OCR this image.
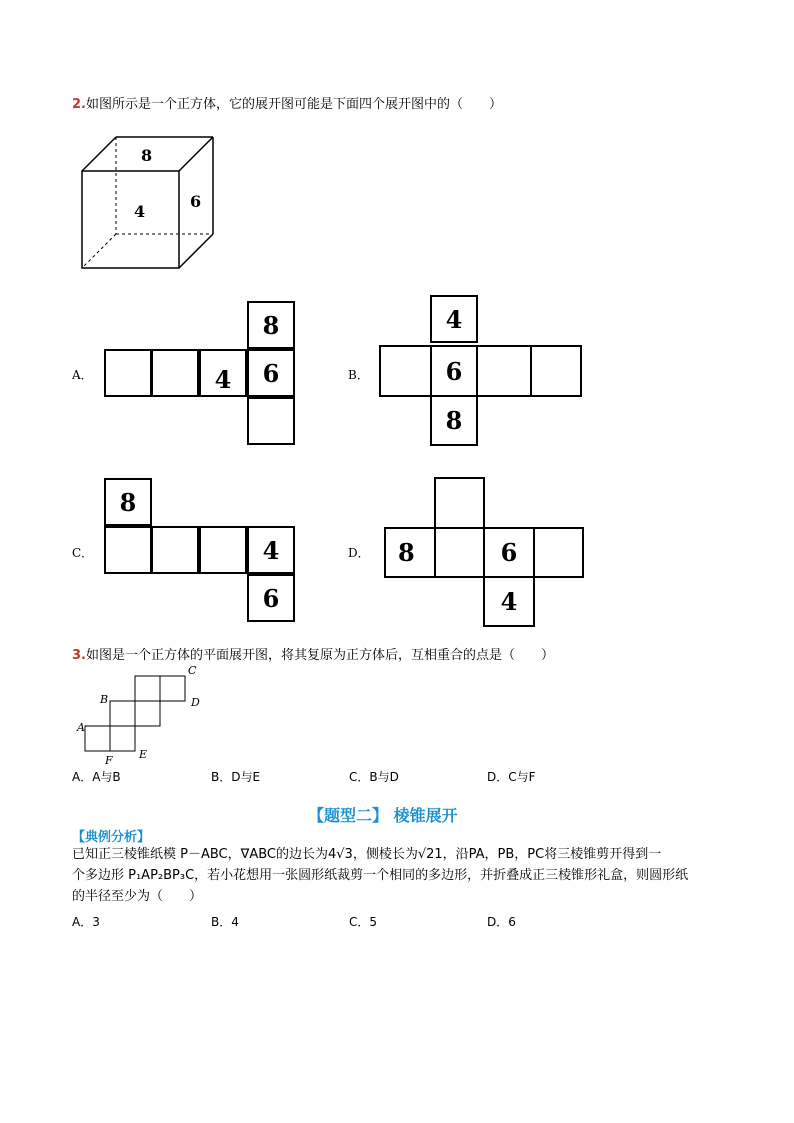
2.如图所示是一个正方体，它的展开图可能是下面四个展开图中的（　　）
8
4
6
A．	4	6
8
B．
4
6
8
C．
8
4
6
D．	8	6
4
3.如图是一个正方体的平面展开图，将其复原为正方体后，互相重合的点是（　　）
A
B
C
D
E
F
A．A与B	B．D与E	C．B与D	D．C与F
【题型二】 棱锥展开
【典例分析】
已知正三棱锥纸模 P－ABC，∇ABC的边长为4√3，侧棱长为√21，沿PA，PB，PC将三棱锥剪开得到一
个多边形 P₁AP₂BP₃C，若小花想用一张圆形纸裁剪一个相同的多边形，并折叠成正三棱锥形礼盒，则圆形纸
的半径至少为（　　）
A．3	B．4	C．5	D．6
